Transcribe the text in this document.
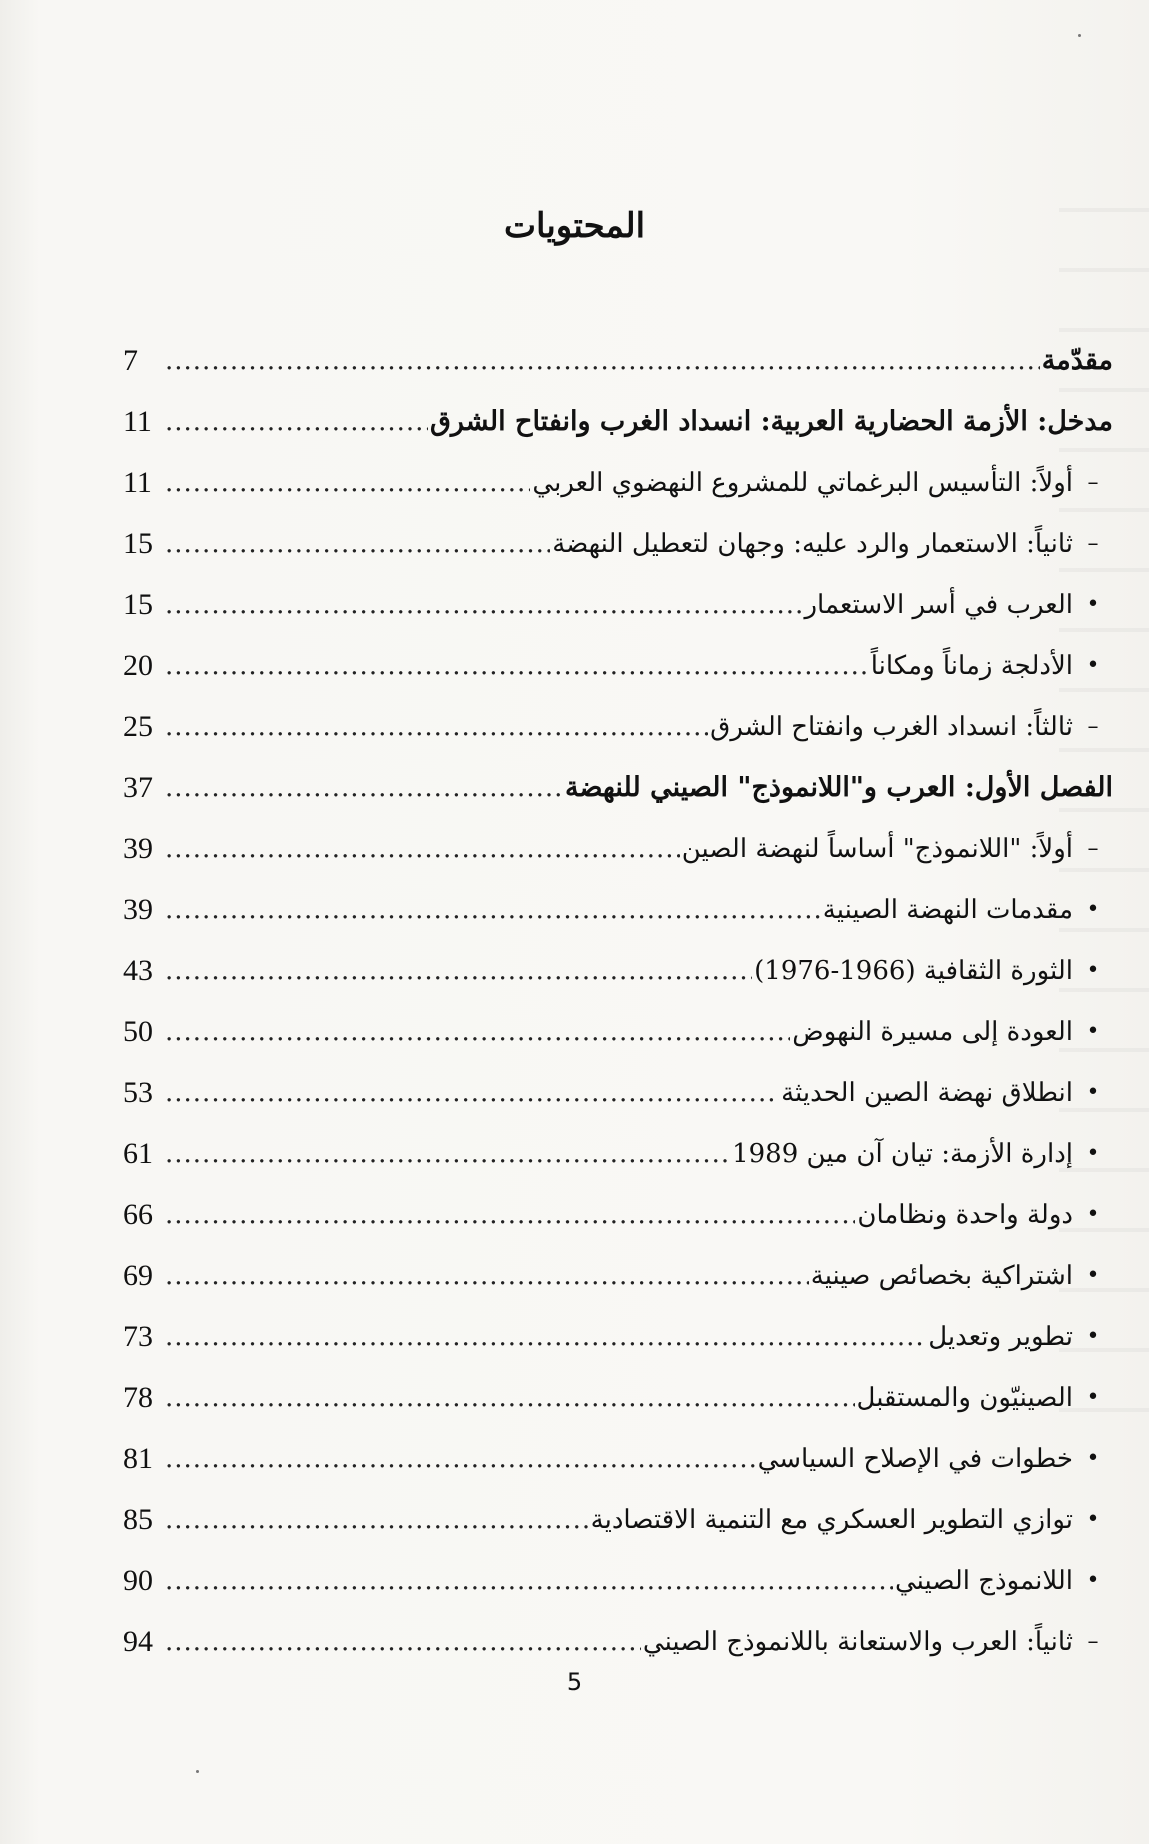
المحتويات
مقدّمة
.....
7
مدخل: الأزمة الحضارية العربية: انسداد الغرب وانفتاح الشرق
.....
11
–
أولاً: التأسيس البرغماتي للمشروع النهضوي العربي
.....
11
–
ثانياً: الاستعمار والرد عليه: وجهان لتعطيل النهضة
.....
15
•
العرب في أسر الاستعمار
.....
15
•
الأدلجة زماناً ومكاناً
.....
20
–
ثالثاً: انسداد الغرب وانفتاح الشرق
.....
25
الفصل الأول: العرب و"اللانموذج" الصيني للنهضة
.....
37
–
أولاً: "اللانموذج" أساساً لنهضة الصين
.....
39
•
مقدمات النهضة الصينية
.....
39
•
الثورة الثقافية (1966-1976)
.....
43
•
العودة إلى مسيرة النهوض
.....
50
•
انطلاق نهضة الصين الحديثة
.....
53
•
إدارة الأزمة: تيان آن مين 1989
.....
61
•
دولة واحدة ونظامان
.....
66
•
اشتراكية بخصائص صينية
.....
69
•
تطوير وتعديل
.....
73
•
الصينيّون والمستقبل
.....
78
•
خطوات في الإصلاح السياسي
.....
81
•
توازي التطوير العسكري مع التنمية الاقتصادية
.....
85
•
اللانموذج الصيني
.....
90
–
ثانياً: العرب والاستعانة باللانموذج الصيني
.....
94
5
